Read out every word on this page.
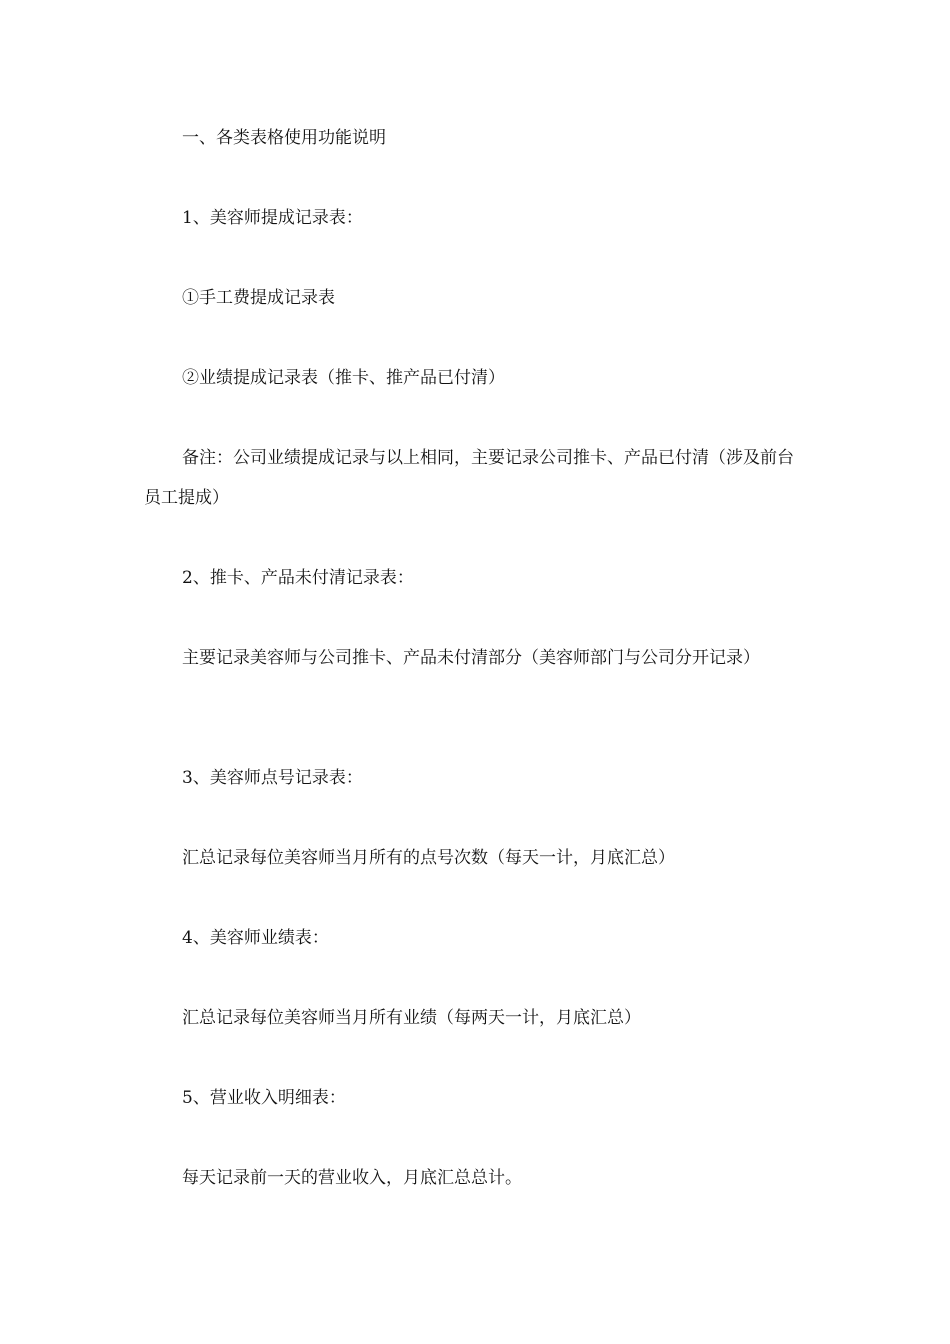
一、各类表格使用功能说明

1、美容师提成记录表：

①手工费提成记录表

②业绩提成记录表（推卡、推产品已付清）

备注：公司业绩提成记录与以上相同，主要记录公司推卡、产品已付清（涉及前台员工提成）

2、推卡、产品未付清记录表：

主要记录美容师与公司推卡、产品未付清部分（美容师部门与公司分开记录）

3、美容师点号记录表：

汇总记录每位美容师当月所有的点号次数（每天一计，月底汇总）

4、美容师业绩表：

汇总记录每位美容师当月所有业绩（每两天一计，月底汇总）

5、营业收入明细表：

每天记录前一天的营业收入，月底汇总总计。
